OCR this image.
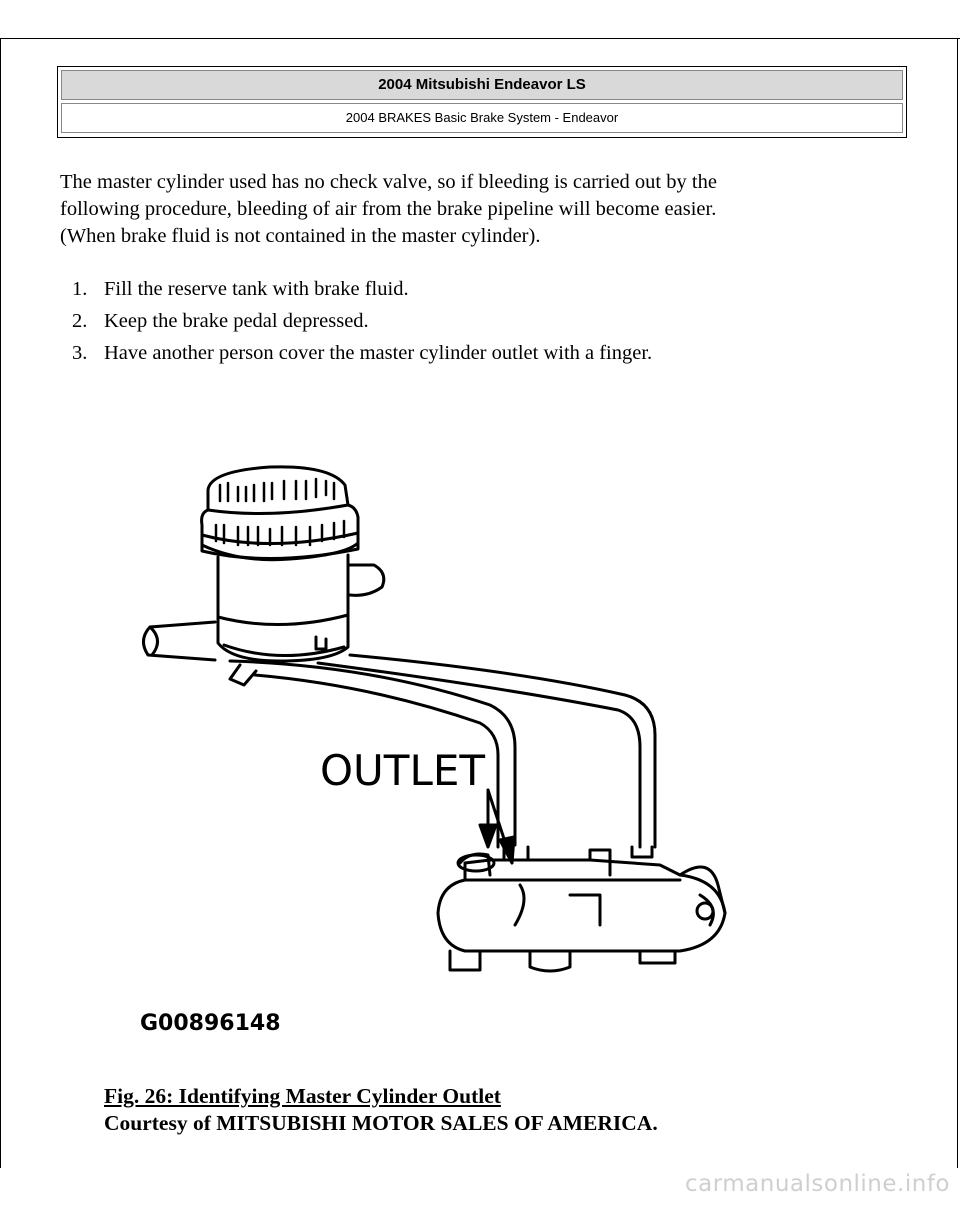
2004 Mitsubishi Endeavor LS
2004 BRAKES Basic Brake System - Endeavor
The master cylinder used has no check valve, so if bleeding is carried out by the
following procedure, bleeding of air from the brake pipeline will become easier.
(When brake fluid is not contained in the master cylinder).
1. Fill the reserve tank with brake fluid.
2. Keep the brake pedal depressed.
3. Have another person cover the master cylinder outlet with a finger.
OUTLET
G00896148
Fig. 26: Identifying Master Cylinder Outlet
Courtesy of MITSUBISHI MOTOR SALES OF AMERICA.
carmanualsonline.info
